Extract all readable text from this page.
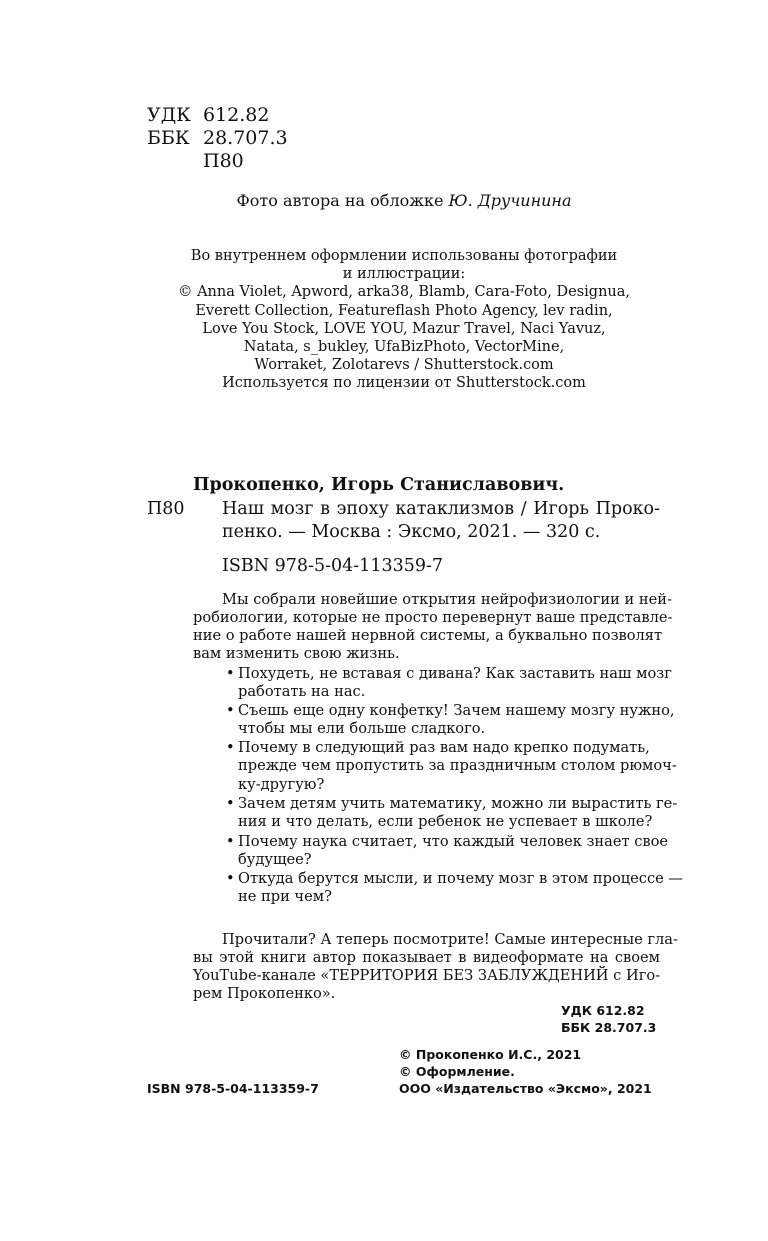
УДК 612.82
ББК 28.707.3
П80
Фото автора на обложке Ю. Дручинина
Во внутреннем оформлении использованы фотографии
и иллюстрации:
© Anna Violet, Apword, arka38, Blamb, Cara-Foto, Designua,
Everett Collection, Featureflash Photo Agency, lev radin,
Love You Stock, LOVE YOU, Mazur Travel, Naci Yavuz,
Natata, s_bukley, UfaBizPhoto, VectorMine,
Worraket, Zolotarevs / Shutterstock.com
Используется по лицензии от Shutterstock.com
Прокопенко, Игорь Станиславович.
П80 Наш мозг в эпоху катаклизмов / Игорь Проко-
пенко. — Москва : Эксмо, 2021. — 320 с.
ISBN 978-5-04-113359-7
Мы собрали новейшие открытия нейрофизиологии и ней-
робиологии, которые не просто перевернут ваше представле-
ние о работе нашей нервной системы, а буквально позволят
вам изменить свою жизнь.
• Похудеть, не вставая с дивана? Как заставить наш мозг
работать на нас.
• Съешь еще одну конфетку! Зачем нашему мозгу нужно,
чтобы мы ели больше сладкого.
• Почему в следующий раз вам надо крепко подумать,
прежде чем пропустить за праздничным столом рюмоч-
ку-другую?
• Зачем детям учить математику, можно ли вырастить ге-
ния и что делать, если ребенок не успевает в школе?
• Почему наука считает, что каждый человек знает свое
будущее?
• Откуда берутся мысли, и почему мозг в этом процессе —
не при чем?
Прочитали? А теперь посмотрите! Самые интересные гла-
вы этой книги автор показывает в видеоформате на своем
YouTube-канале «ТЕРРИТОРИЯ БЕЗ ЗАБЛУЖДЕНИЙ с Иго-
рем Прокопенко».
УДК 612.82
ББК 28.707.3
© Прокопенко И.С., 2021
© Оформление.
ООО «Издательство «Эксмо», 2021
ISBN 978-5-04-113359-7
